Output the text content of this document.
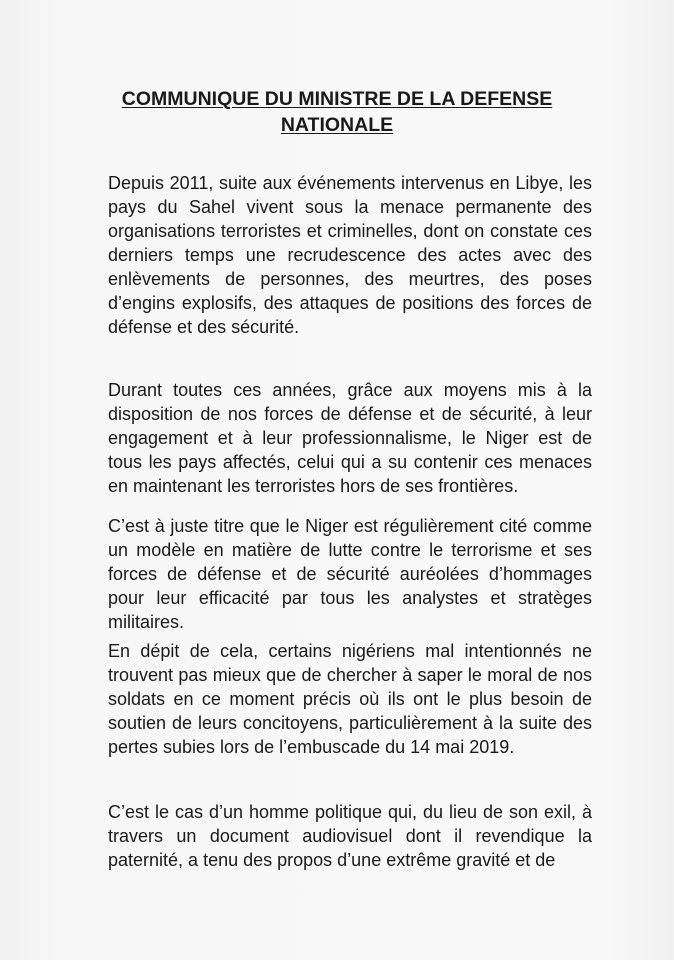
COMMUNIQUE DU MINISTRE DE LA DEFENSE
NATIONALE

Depuis 2011, suite aux événements intervenus en Libye, les pays du Sahel vivent sous la menace permanente des organisations terroristes et criminelles, dont on constate ces derniers temps une recrudescence des actes avec des enlèvements de personnes, des meurtres, des poses d’engins explosifs, des attaques de positions des forces de défense et des sécurité.

Durant toutes ces années, grâce aux moyens mis à la disposition de nos forces de défense et de sécurité, à leur engagement et à leur professionnalisme, le Niger est de tous les pays affectés, celui qui a su contenir ces menaces en maintenant les terroristes hors de ses frontières.

C’est à juste titre que le Niger est régulièrement cité comme un modèle en matière de lutte contre le terrorisme et ses forces de défense et de sécurité auréolées d’hommages pour leur efficacité par tous les analystes et stratèges militaires.

En dépit de cela, certains nigériens mal intentionnés ne trouvent pas mieux que de chercher à saper le moral de nos soldats en ce moment précis où ils ont le plus besoin de soutien de leurs concitoyens, particulièrement à la suite des pertes subies lors de l’embuscade du 14 mai 2019.

C’est le cas d’un homme politique qui, du lieu de son exil, à travers un document audiovisuel dont il revendique la paternité, a tenu des propos d’une extrême gravité et de
